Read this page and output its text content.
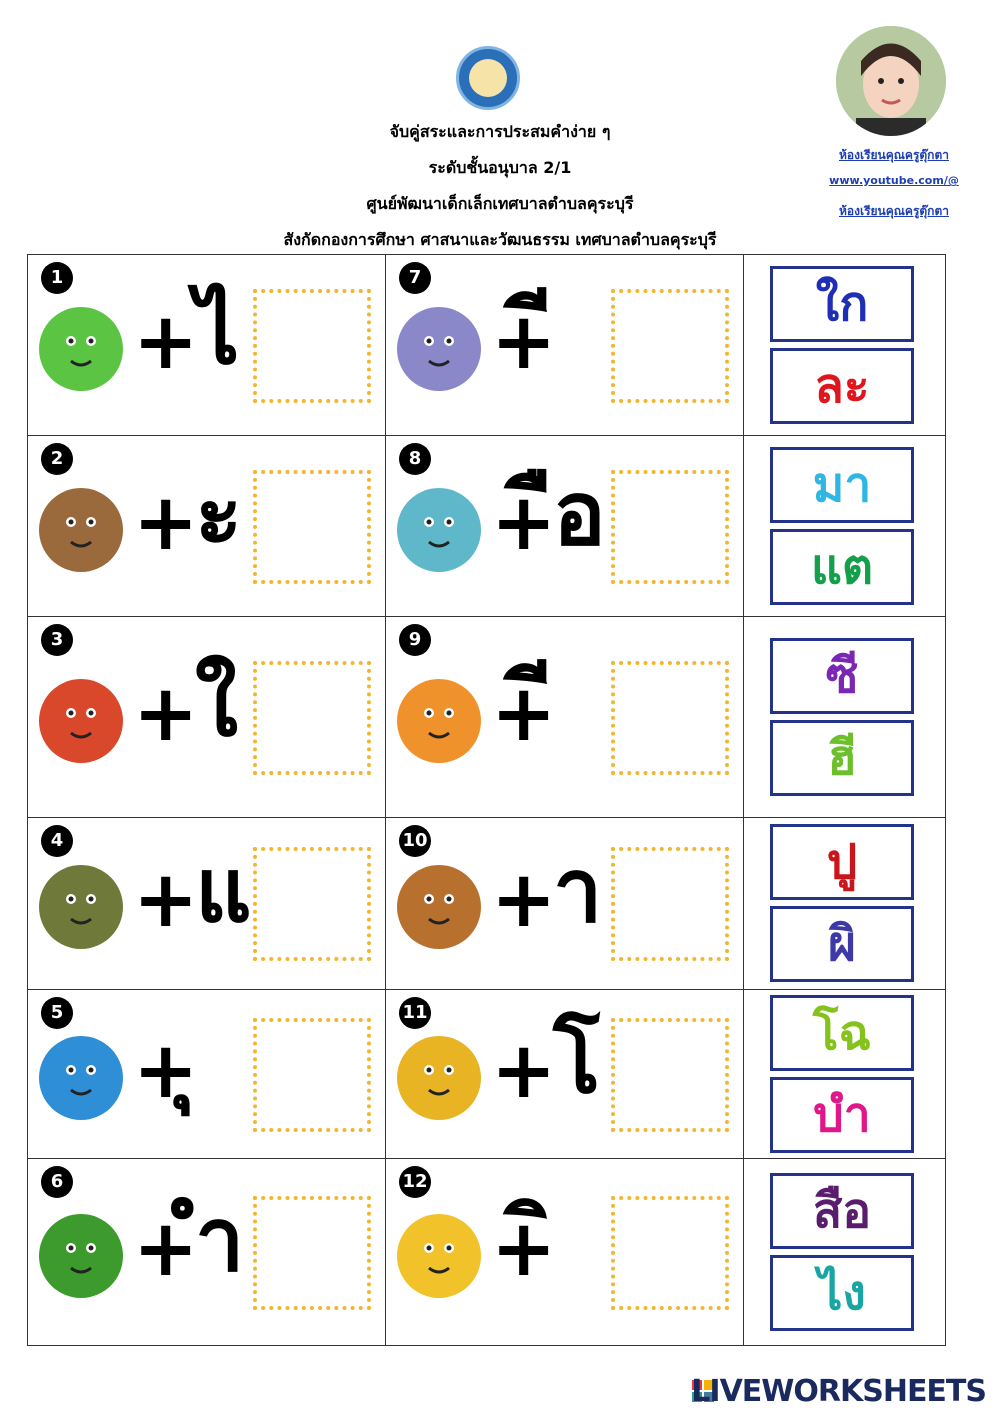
จับคู่สระและการประสมคำง่าย ๆ
ระดับชั้นอนุบาล 2/1
ศูนย์พัฒนาเด็กเล็กเทศบาลตำบลคุระบุรี
สังกัดกองการศึกษา ศาสนาและวัฒนธรรม เทศบาลตำบลคุระบุรี
ห้องเรียนคุณครูตุ๊กตา
www.youtube.com/@
ห้องเรียนคุณครูตุ๊กตา
1
+
ไ
2
+
ะ
3
+
ใ
4
+
แ
5
+
6
+
ำ
7
+
8
+
ือ
9
+
10
+
า
11
+
โ
12
+
ใก
ละ
มา
แต
ซี
ฮี
ปู
ผิ
โฉ
บำ
สือ
ไง
LIVEWORKSHEETS
